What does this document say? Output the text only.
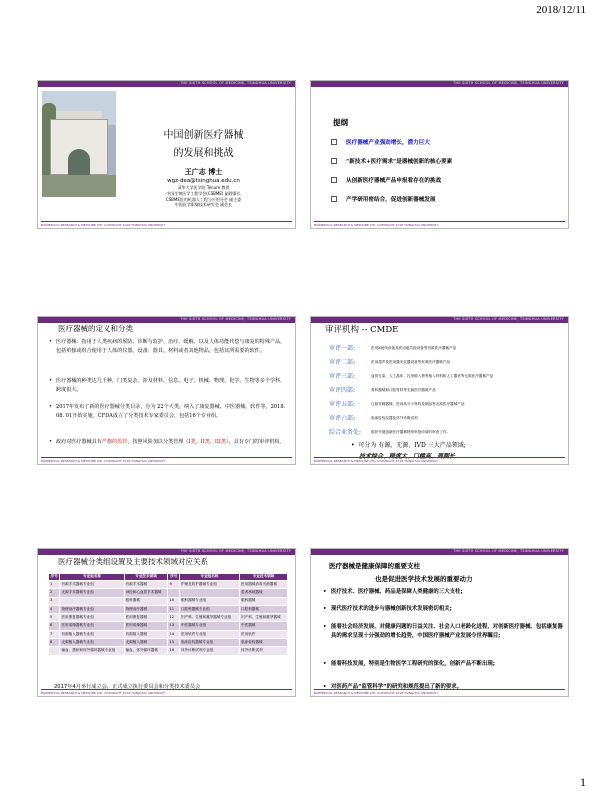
2018/12/11
THE SIXTH SCHOOL OF MEDICINE, TSINGHUA UNIVERSITY
中国创新医疗器械
的发展和挑战
王广志 博士
wgz-dea@tsinghua.edu.cn
清华大学医学院 Tenure 教授
中国生物医学工程学会(CSBME) 副理事长
CSBME医用机器人工程与应用分会 副主委
中国医学影像技术研究会 副会长
BIOMEDICAL RESEARCH & MEDICINE LTD. COPYRIGHT 2018 TSINGHUA UNIVERSITY
THE SIXTH SCHOOL OF MEDICINE, TSINGHUA UNIVERSITY
提纲
医疗器械产业强劲增长，潜力巨大
“新技术+医疗需求”是器械创新的核心要素
从创新医疗器械产品申报看存在的挑战
产学研用密结合，促进创新器械发展
BIOMEDICAL RESEARCH & MEDICINE LTD. COPYRIGHT 2018 TSINGHUA UNIVERSITY
THE SIXTH SCHOOL OF MEDICINE, TSINGHUA UNIVERSITY
医疗器械的定义和分类
• 医疗器械：指用于人类疾病的预防、诊断与监护、治疗、缓解，以及人体功能代偿与康复的特殊产品，包括单独或组合使用于人体的仪器、设备、器具、材料或者其他物品，包括其所需要的软件。
• 医疗器械的种类达几千种，门类复杂，涉及材料、信息、电子、机械、物理、化学、生物等多个学科，跨度很大。
• 2017年发布了新的医疗器械分类目录，分为 22个大类，纳入了康复器械、中医器械、软件等，2018. 08. 01开始实施。CFDA成立了分类技术专家委员会，包括16个专业组。
• 政府对医疗器械具有严格的监管，按照风险加以分类管理（I类、II类、III类），具有专门的审评机构。
BIOMEDICAL RESEARCH & MEDICINE LTD. COPYRIGHT 2018 TSINGHUA UNIVERSITY
THE SIXTH SCHOOL OF MEDICINE, TSINGHUA UNIVERSITY
审评机构 -- CMDE
审评一部:	$^{医用X射线设备及医用磁共振设备等有源医疗器械产品}$
审评二部:	$^{医用超声及医用激光仪器设备等有源医疗器械产品}$
审评三部:	$^{血管支架、人工晶体、乳房植入物等植入材料和人工器官等无源医疗器械产品}$
审评四部:	$^{骨科器械和口腔材料等无源医疗器械产品}$
审评五部:	$^{注射穿刺器械、医用高分子材料及制品等无源医疗器械产品}$
审评六部:	$^{临床检验仪器及体外诊断试剂}$
综合业务处:	$^{组织开展创新医疗器械特别审批申请的审查工作。}$
•  可分为 有源、无源、IVD 三大产品领域;
技术综合、跨度大、门槛高、周期长
BIOMEDICAL RESEARCH & MEDICINE LTD. COPYRIGHT 2018 TSINGHUA UNIVERSITY
THE SIXTH SCHOOL OF MEDICINE, TSINGHUA UNIVERSITY
医疗器械分类组设置及主要技术领域对应关系
序号	专业组名称	专业技术领域	序号	专业组名称	专业技术领域
1	有源手术器械专业组	有源手术器械	9	护理及防护器械专业组	医用器械消毒灭菌器械
2	无源手术器械专业组	神经和心血管手术器械			患者承载器械
3		眼科器械	10	眼科器械专业组	眼科器械
4	物理治疗器械专业组	物理治疗器械	11	口腔科器械专业组	口腔科器械
5	医用康复器械专业组	医用康复器械	12	妇产科、生殖和避孕器械专业组	妇产科、生殖和避孕器械
6	医用成像器械专业组	医用成像器械	13	中医器械专业组	中医器械
7	有源植入器械专业组	有源植入器械	14	医用软件专业组	医用软件
8	无源植入器械专业组	无源植入器械	15	临床检验器械专业组	临床检验器械
	输血、透析和体外循环器械专业组	输血、体外循环器械	16	体外诊断试剂专业组	体外诊断试剂
2017年4月举行成立会，正式成立执行委员会和分类技术委员会
BIOMEDICAL RESEARCH & MEDICINE LTD. COPYRIGHT 2018 TSINGHUA UNIVERSITY
THE SIXTH SCHOOL OF MEDICINE, TSINGHUA UNIVERSITY
医疗器械是健康保障的重要支柱
也是促进医学技术发展的重要动力
• 医疗技术、医疗器械、药品是保障人类健康的三大支柱;
• 现代医疗技术的进步与器械创新技术发展密切相关;
• 能着社会经济发展、对健康问题的日益关注、社会人口老龄化进程，对创新医疗器械、包括康复器具的需求呈现十分强劲的增长趋势，中国医疗器械产业发展令世界瞩目;
• 能着科技发展，特别是生物医学工程研究的深化，创新产品不断出现;
• 对医药产品“监管科学”的研究和规范提出了新的要求。
BIOMEDICAL RESEARCH & MEDICINE LTD. COPYRIGHT 2018 TSINGHUA UNIVERSITY
1
